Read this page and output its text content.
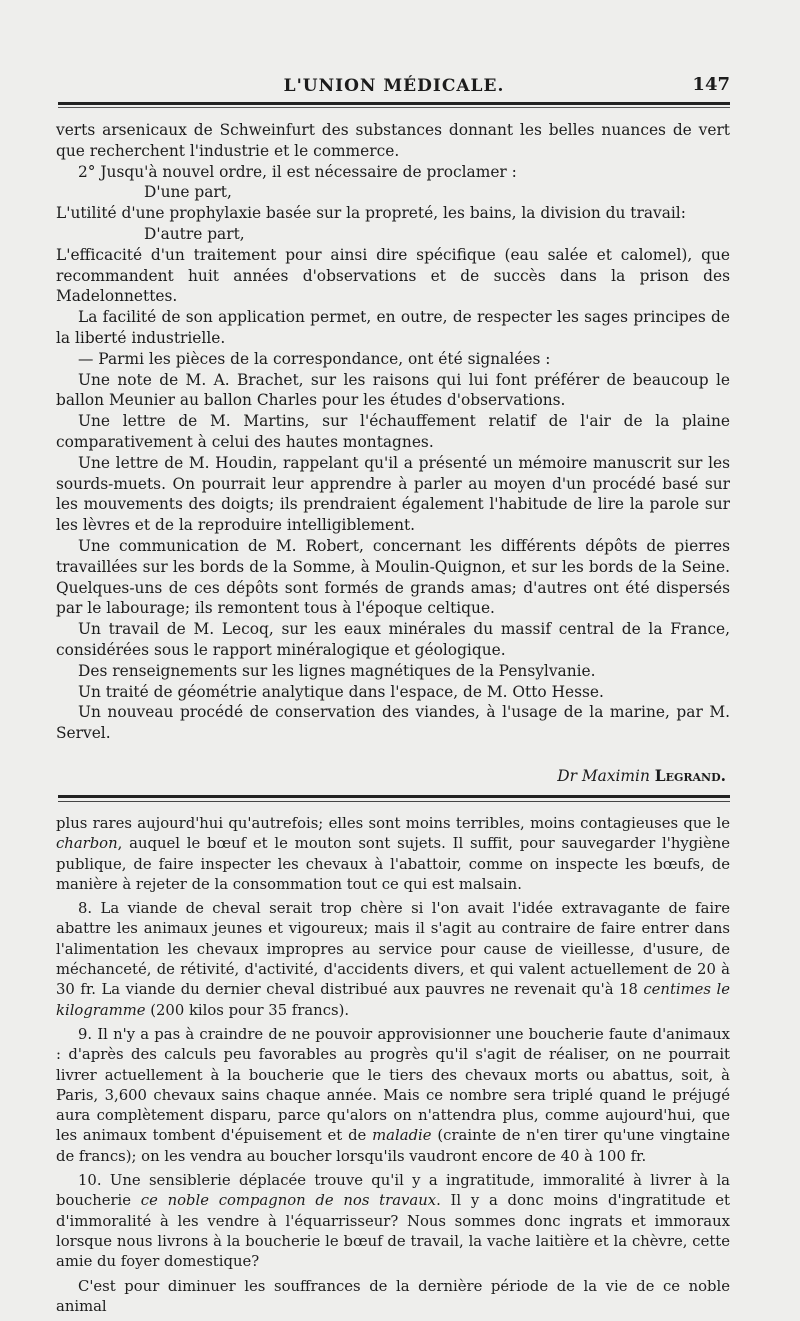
L'UNION MÉDICALE.	147

verts arsenicaux de Schweinfurt des substances donnant les belles nuances de vert que recherchent l'industrie et le commerce.

2° Jusqu'à nouvel ordre, il est nécessaire de proclamer :

D'une part,

L'utilité d'une prophylaxie basée sur la propreté, les bains, la division du travail:

D'autre part,

L'efficacité d'un traitement pour ainsi dire spécifique (eau salée et calomel), que recommandent huit années d'observations et de succès dans la prison des Madelonnettes.

La facilité de son application permet, en outre, de respecter les sages principes de la liberté industrielle.

— Parmi les pièces de la correspondance, ont été signalées :

Une note de M. A. Brachet, sur les raisons qui lui font préférer de beaucoup le ballon Meunier au ballon Charles pour les études d'observations.

Une lettre de M. Martins, sur l'échauffement relatif de l'air de la plaine comparativement à celui des hautes montagnes.

Une lettre de M. Houdin, rappelant qu'il a présenté un mémoire manuscrit sur les sourds-muets. On pourrait leur apprendre à parler au moyen d'un procédé basé sur les mouvements des doigts; ils prendraient également l'habitude de lire la parole sur les lèvres et de la reproduire intelligiblement.

Une communication de M. Robert, concernant les différents dépôts de pierres travaillées sur les bords de la Somme, à Moulin-Quignon, et sur les bords de la Seine. Quelques-uns de ces dépôts sont formés de grands amas; d'autres ont été dispersés par le labourage; ils remontent tous à l'époque celtique.

Un travail de M. Lecoq, sur les eaux minérales du massif central de la France, considérées sous le rapport minéralogique et géologique.

Des renseignements sur les lignes magnétiques de la Pensylvanie.

Un traité de géométrie analytique dans l'espace, de M. Otto Hesse.

Un nouveau procédé de conservation des viandes, à l'usage de la marine, par M. Servel.

Dr Maximin Legrand.

plus rares aujourd'hui qu'autrefois; elles sont moins terribles, moins contagieuses que le charbon, auquel le bœuf et le mouton sont sujets. Il suffit, pour sauvegarder l'hygiène publique, de faire inspecter les chevaux à l'abattoir, comme on inspecte les bœufs, de manière à rejeter de la consommation tout ce qui est malsain.

8. La viande de cheval serait trop chère si l'on avait l'idée extravagante de faire abattre les animaux jeunes et vigoureux; mais il s'agit au contraire de faire entrer dans l'alimentation les chevaux impropres au service pour cause de vieillesse, d'usure, de méchanceté, de rétivité, d'activité, d'accidents divers, et qui valent actuellement de 20 à 30 fr. La viande du dernier cheval distribué aux pauvres ne revenait qu'à 18 centimes le kilogramme (200 kilos pour 35 francs).

9. Il n'y a pas à craindre de ne pouvoir approvisionner une boucherie faute d'animaux : d'après des calculs peu favorables au progrès qu'il s'agit de réaliser, on ne pourrait livrer actuellement à la boucherie que le tiers des chevaux morts ou abattus, soit, à Paris, 3,600 chevaux sains chaque année. Mais ce nombre sera triplé quand le préjugé aura complètement disparu, parce qu'alors on n'attendra plus, comme aujourd'hui, que les animaux tombent d'épuisement et de maladie (crainte de n'en tirer qu'une vingtaine de francs); on les vendra au boucher lorsqu'ils vaudront encore de 40 à 100 fr.

10. Une sensiblerie déplacée trouve qu'il y a ingratitude, immoralité à livrer à la boucherie ce noble compagnon de nos travaux. Il y a donc moins d'ingratitude et d'immoralité à les vendre à l'équarrisseur? Nous sommes donc ingrats et immoraux lorsque nous livrons à la boucherie le bœuf de travail, la vache laitière et la chèvre, cette amie du foyer domestique?

C'est pour diminuer les souffrances de la dernière période de la vie de ce noble animal
